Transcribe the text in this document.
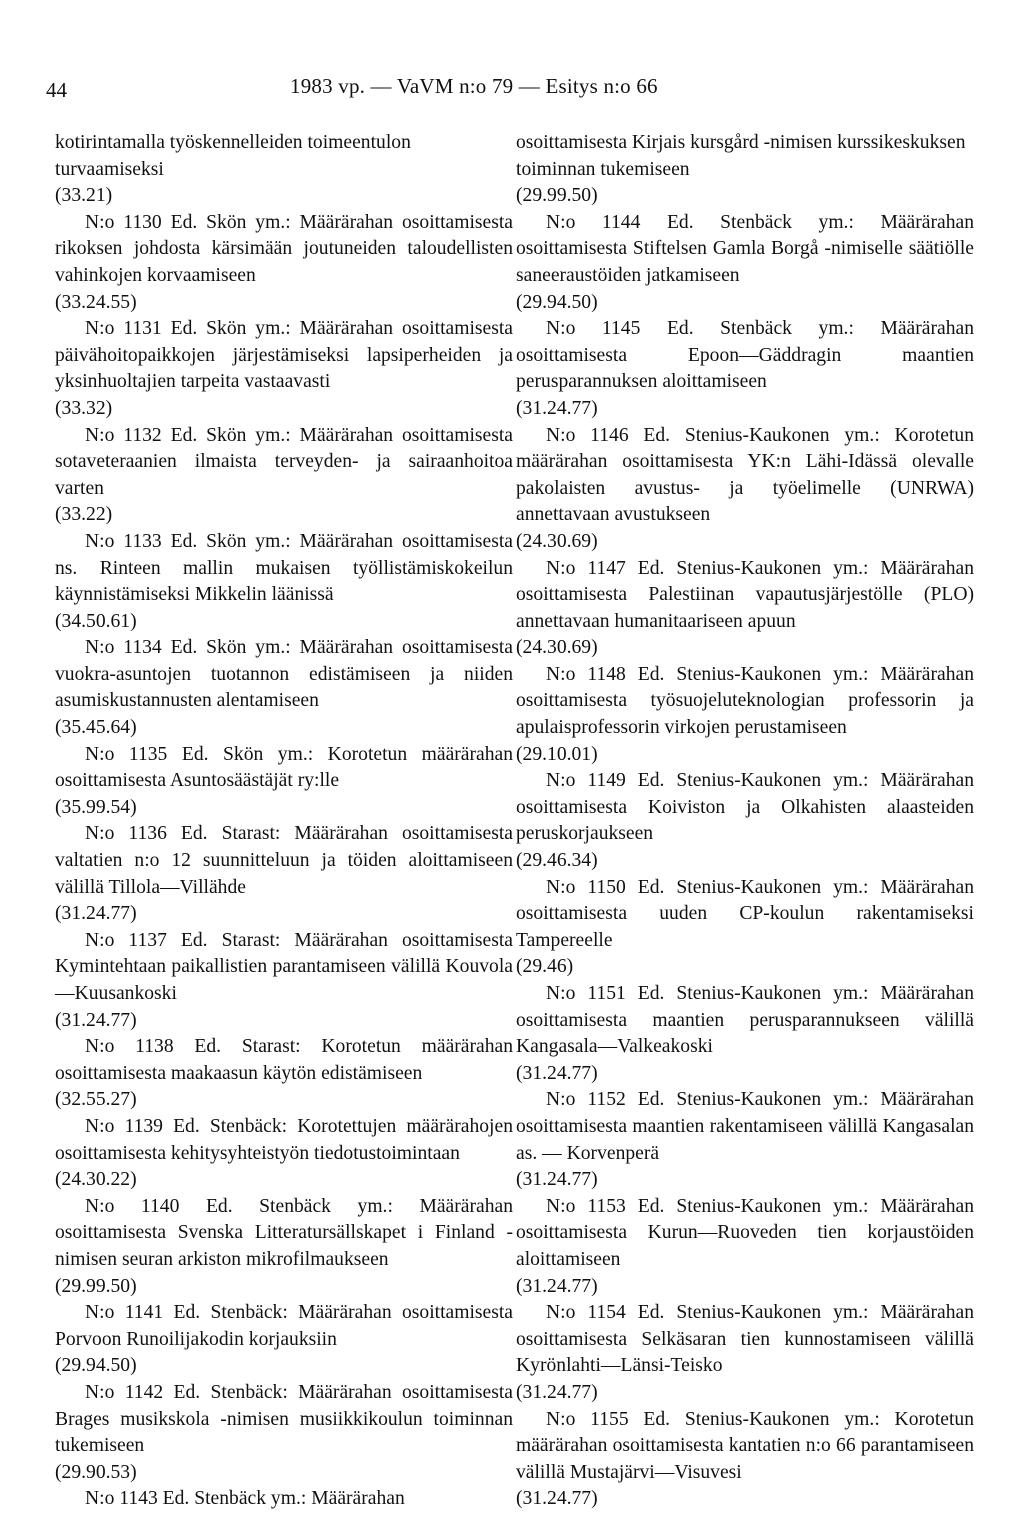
44	1983 vp. — VaVM n:o 79 — Esitys n:o 66
kotirintamalla työskennelleiden toimeentulon turvaamiseksi
(33.21)
N:o 1130 Ed. Skön ym.: Määrärahan osoittamisesta rikoksen johdosta kärsimään joutuneiden taloudellisten vahinkojen korvaamiseen
(33.24.55)
N:o 1131 Ed. Skön ym.: Määrärahan osoittamisesta päivähoitopaikkojen järjestämiseksi lapsiperheiden ja yksinhuoltajien tarpeita vastaavasti
(33.32)
N:o 1132 Ed. Skön ym.: Määrärahan osoittamisesta sotaveteraanien ilmaista terveyden- ja sairaanhoitoa varten
(33.22)
N:o 1133 Ed. Skön ym.: Määrärahan osoittamisesta ns. Rinteen mallin mukaisen työllistämiskokeilun käynnistämiseksi Mikkelin läänissä
(34.50.61)
N:o 1134 Ed. Skön ym.: Määrärahan osoittamisesta vuokra-asuntojen tuotannon edistämiseen ja niiden asumiskustannusten alentamiseen
(35.45.64)
N:o 1135 Ed. Skön ym.: Korotetun määrärahan osoittamisesta Asuntosäästäjät ry:lle
(35.99.54)
N:o 1136 Ed. Starast: Määrärahan osoittamisesta valtatien n:o 12 suunnitteluun ja töiden aloittamiseen välillä Tillola—Villähde
(31.24.77)
N:o 1137 Ed. Starast: Määrärahan osoittamisesta Kymintehtaan paikallistien parantamiseen välillä Kouvola—Kuusankoski
(31.24.77)
N:o 1138 Ed. Starast: Korotetun määrärahan osoittamisesta maakaasun käytön edistämiseen
(32.55.27)
N:o 1139 Ed. Stenbäck: Korotettujen määrärahojen osoittamisesta kehitysyhteistyön tiedotustoimintaan
(24.30.22)
N:o 1140 Ed. Stenbäck ym.: Määrärahan osoittamisesta Svenska Litteratursällskapet i Finland -nimisen seuran arkiston mikrofilmaukseen
(29.99.50)
N:o 1141 Ed. Stenbäck: Määrärahan osoittamisesta Porvoon Runoilijakodin korjauksiin
(29.94.50)
N:o 1142 Ed. Stenbäck: Määrärahan osoittamisesta Brages musikskola -nimisen musiikkikoulun toiminnan tukemiseen
(29.90.53)
N:o 1143 Ed. Stenbäck ym.: Määrärahan
osoittamisesta Kirjais kursgård -nimisen kurssikeskuksen toiminnan tukemiseen
(29.99.50)
N:o 1144 Ed. Stenbäck ym.: Määrärahan osoittamisesta Stiftelsen Gamla Borgå -nimiselle säätiölle saneeraustöiden jatkamiseen
(29.94.50)
N:o 1145 Ed. Stenbäck ym.: Määrärahan osoittamisesta Epoon—Gäddragin maantien perusparannuksen aloittamiseen
(31.24.77)
N:o 1146 Ed. Stenius-Kaukonen ym.: Korotetun määrärahan osoittamisesta YK:n Lähi-Idässä olevalle pakolaisten avustus- ja työelimelle (UNRWA) annettavaan avustukseen
(24.30.69)
N:o 1147 Ed. Stenius-Kaukonen ym.: Määrärahan osoittamisesta Palestiinan vapautusjärjestölle (PLO) annettavaan humanitaariseen apuun
(24.30.69)
N:o 1148 Ed. Stenius-Kaukonen ym.: Määrärahan osoittamisesta työsuojeluteknologian professorin ja apulaisprofessorin virkojen perustamiseen
(29.10.01)
N:o 1149 Ed. Stenius-Kaukonen ym.: Määrärahan osoittamisesta Koiviston ja Olkahisten alaasteiden peruskorjaukseen
(29.46.34)
N:o 1150 Ed. Stenius-Kaukonen ym.: Määrärahan osoittamisesta uuden CP-koulun rakentamiseksi Tampereelle
(29.46)
N:o 1151 Ed. Stenius-Kaukonen ym.: Määrärahan osoittamisesta maantien perusparannukseen välillä Kangasala—Valkeakoski
(31.24.77)
N:o 1152 Ed. Stenius-Kaukonen ym.: Määrärahan osoittamisesta maantien rakentamiseen välillä Kangasalan as. — Korvenperä
(31.24.77)
N:o 1153 Ed. Stenius-Kaukonen ym.: Määrärahan osoittamisesta Kurun—Ruoveden tien korjaustöiden aloittamiseen
(31.24.77)
N:o 1154 Ed. Stenius-Kaukonen ym.: Määrärahan osoittamisesta Selkäsaran tien kunnostamiseen välillä Kyrönlahti—Länsi-Teisko
(31.24.77)
N:o 1155 Ed. Stenius-Kaukonen ym.: Korotetun määrärahan osoittamisesta kantatien n:o 66 parantamiseen välillä Mustajärvi—Visuvesi
(31.24.77)
